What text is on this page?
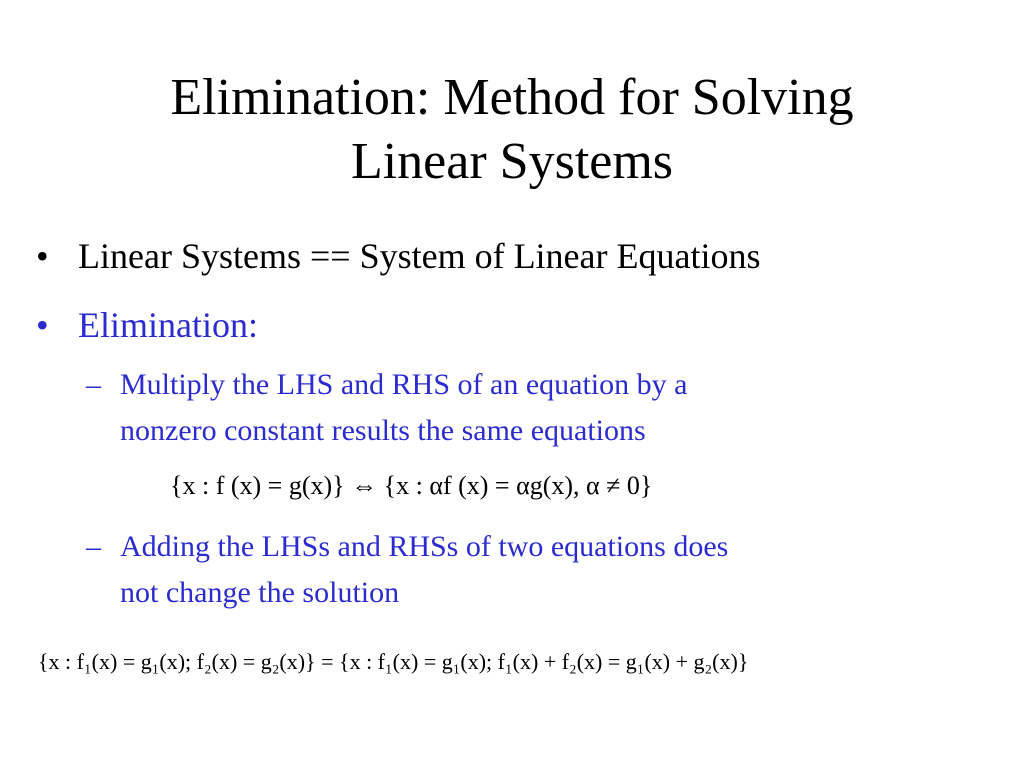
Elimination: Method for Solving
Linear Systems
• Linear Systems == System of Linear Equations
• Elimination:
– Multiply the LHS and RHS of an equation by a
nonzero constant results the same equations
{x : f (x) = g(x)} ⇔ {x : αf (x) = αg(x), α ≠ 0}
– Adding the LHSs and RHSs of two equations does
not change the solution
{x : f₁(x) = g₁(x); f₂(x) = g₂(x)} = {x : f₁(x) = g₁(x); f₁(x) + f₂(x) = g₁(x) + g₂(x)}
